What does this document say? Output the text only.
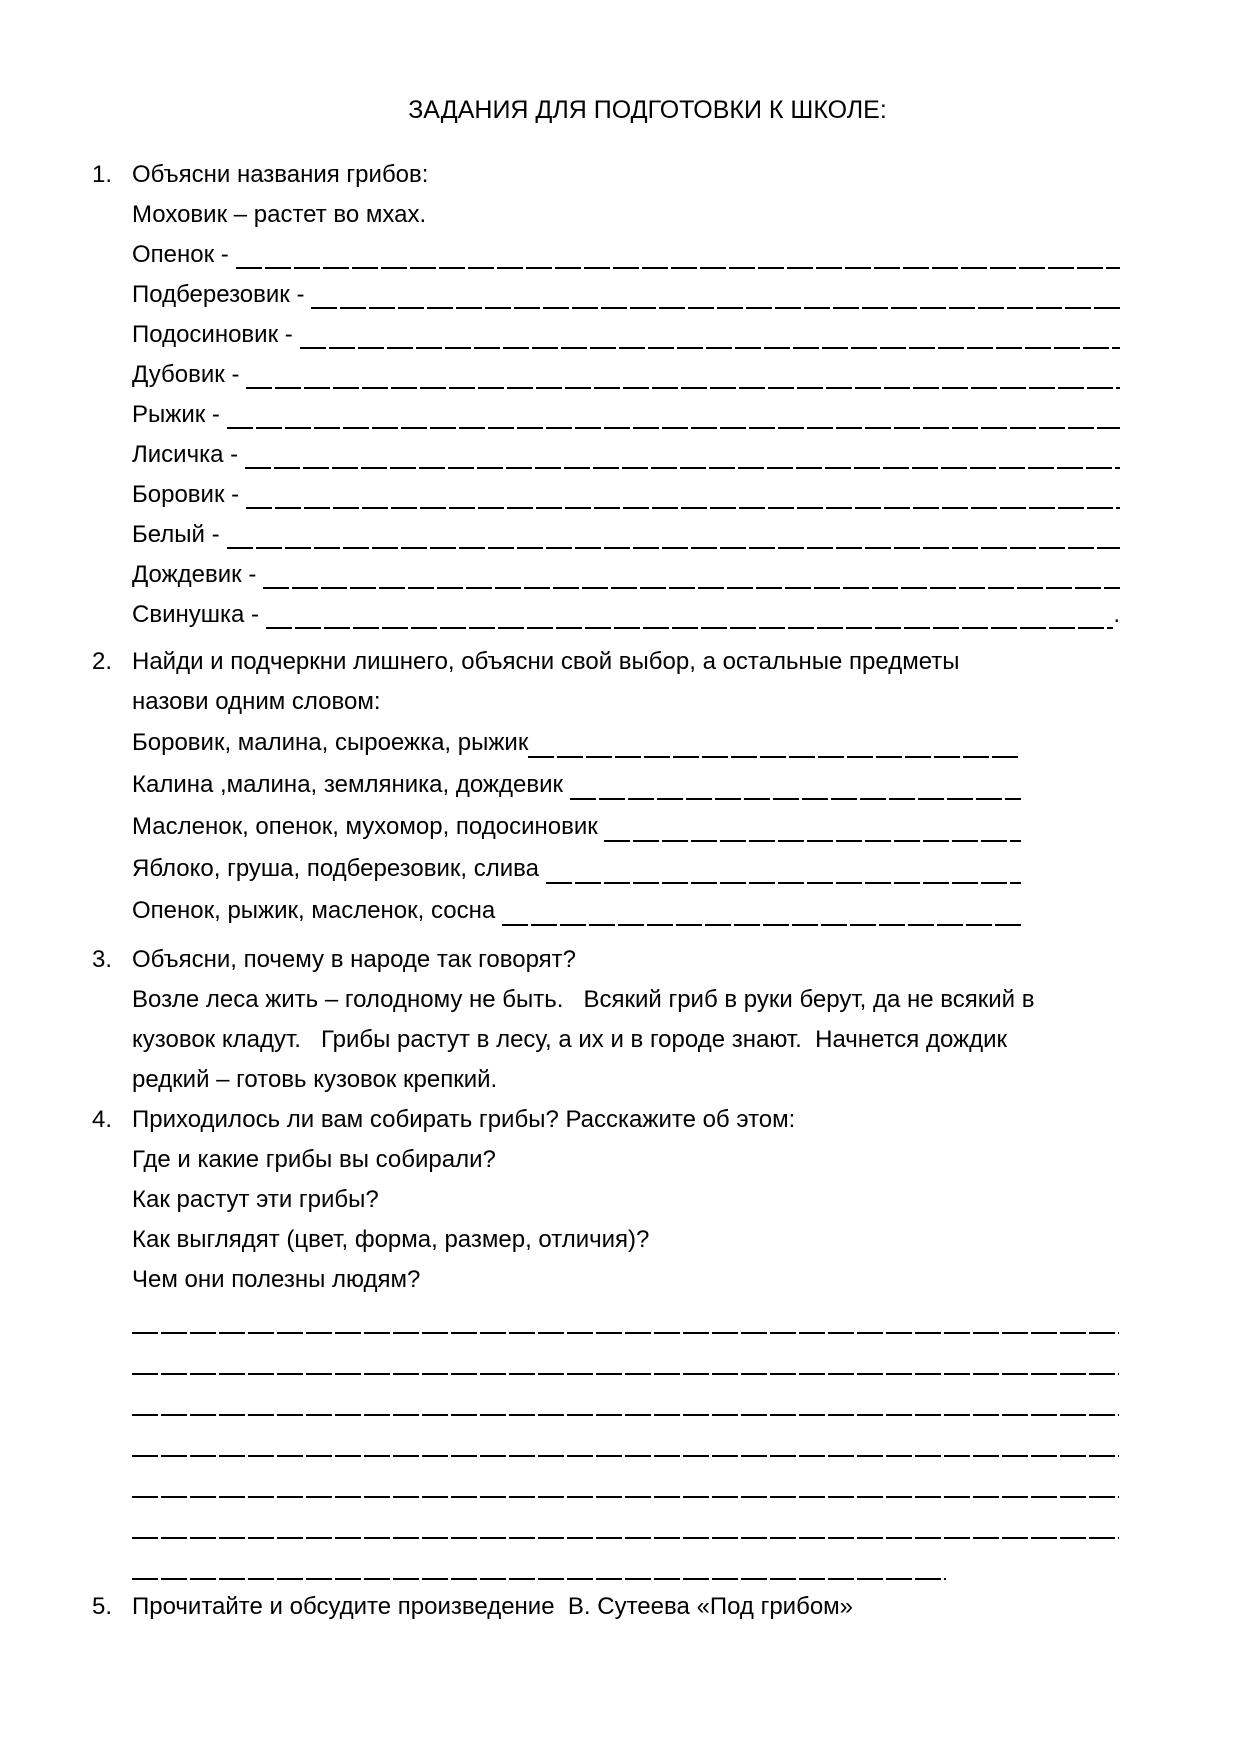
ЗАДАНИЯ ДЛЯ ПОДГОТОВКИ К ШКОЛЕ:
1. Объясни названия грибов:
Моховик – растет во мхах.
Опенок -
Подберезовик -
Подосиновик -
Дубовик -
Рыжик -
Лисичка -
Боровик -
Белый -
Дождевик -
Свинушка -	.
2. Найди и подчеркни лишнего, объясни свой выбор, а остальные предметы
назови одним словом:
Боровик, малина, сыроежка, рыжик
Калина ,малина, земляника, дождевик
Масленок, опенок, мухомор, подосиновик
Яблоко, груша, подберезовик, слива
Опенок, рыжик, масленок, сосна
3. Объясни, почему в народе так говорят?
Возле леса жить – голодному не быть.   Всякий гриб в руки берут, да не всякий в
кузовок кладут.   Грибы растут в лесу, а их и в городе знают.  Начнется дождик
редкий – готовь кузовок крепкий.
4. Приходилось ли вам собирать грибы? Расскажите об этом:
Где и какие грибы вы собирали?
Как растут эти грибы?
Как выглядят (цвет, форма, размер, отличия)?
Чем они полезны людям?
5. Прочитайте и обсудите произведение  В. Сутеева «Под грибом»
